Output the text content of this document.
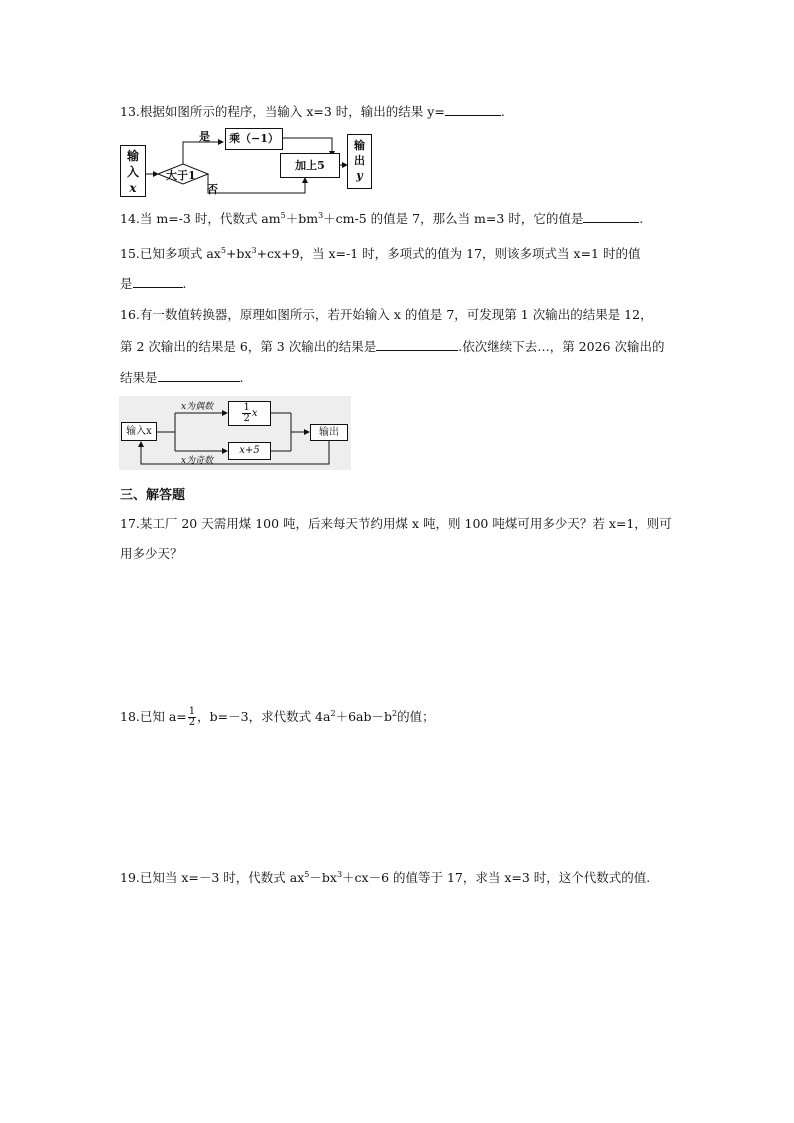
13.根据如图所示的程序，当输入 x=3 时，输出的结果 y=	.
输
入
x
大于1
是
否
乘（−1）
加上5
输
出
y
14.当 m=-3 时，代数式 $am^5+bm^3+cm-5$ 的值是 7，那么当 m=3 时，它的值是	.
15.已知多项式 $ax^5+bx^3+cx+9$，当 x=-1 时，多项式的值为 17，则该多项式当 x=1 时的值
是	.
16.有一数值转换器，原理如图所示，若开始输入 x 的值是 7，可发现第 1 次输出的结果是 12，
第 2 次输出的结果是 6，第 3 次输出的结果是	.依次继续下去…，第 2026 次输出的
结果是	.
输入x
x为偶数
x为奇数
$\frac{1}{2}$ x
x+5
输出
三、解答题
17.某工厂 20 天需用煤 100 吨，后来每天节约用煤 x 吨，则 100 吨煤可用多少天？若 x=1，则可
用多少天？
18.已知 $a= \frac{1}{2}$ ，b=－3，求代数式 $4a^2+6ab-b^2$的值；
19.已知当 x=－3 时，代数式 $ax^5-bx^3+cx-6$ 的值等于 17，求当 x=3 时，这个代数式的值.
